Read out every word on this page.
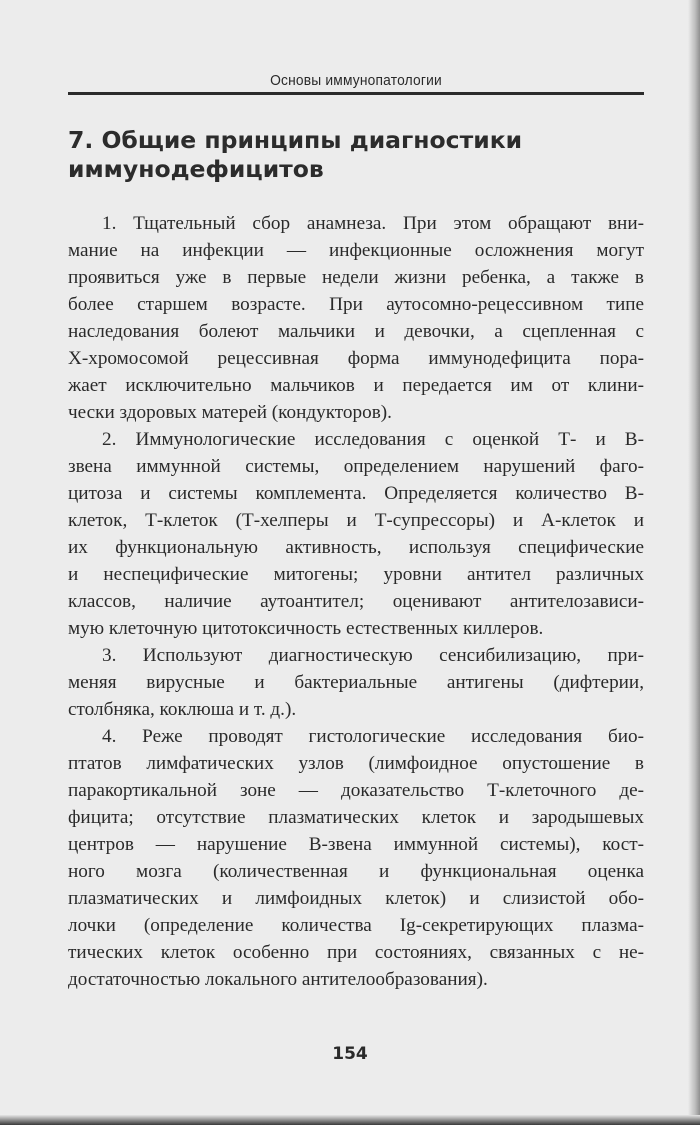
Основы иммунопатологии
7. Общие принципы диагностики
иммунодефицитов

1. Тщательный сбор анамнеза. При этом обращают вни-
мание на инфекции — инфекционные осложнения могут
проявиться уже в первые недели жизни ребенка, а также в
более старшем возрасте. При аутосомно-рецессивном типе
наследования болеют мальчики и девочки, а сцепленная с
X-хромосомой рецессивная форма иммунодефицита пора-
жает исключительно мальчиков и передается им от клини-
чески здоровых матерей (кондукторов).

2. Иммунологические исследования с оценкой Т- и В-
звена иммунной системы, определением нарушений фаго-
цитоза и системы комплемента. Определяется количество В-
клеток, Т-клеток (Т-хелперы и Т-супрессоры) и А-клеток и
их функциональную активность, используя специфические
и неспецифические митогены; уровни антител различных
классов, наличие аутоантител; оценивают антителозависи-
мую клеточную цитотоксичность естественных киллеров.

3. Используют диагностическую сенсибилизацию, при-
меняя вирусные и бактериальные антигены (дифтерии,
столбняка, коклюша и т. д.).

4. Реже проводят гистологические исследования био-
птатов лимфатических узлов (лимфоидное опустошение в
паракортикальной зоне — доказательство Т-клеточного де-
фицита; отсутствие плазматических клеток и зародышевых
центров — нарушение В-звена иммунной системы), кост-
ного мозга (количественная и функциональная оценка
плазматических и лимфоидных клеток) и слизистой обо-
лочки (определение количества Ig-секретирующих плазма-
тических клеток особенно при состояниях, связанных с не-
достаточностью локального антителообразования).

154
